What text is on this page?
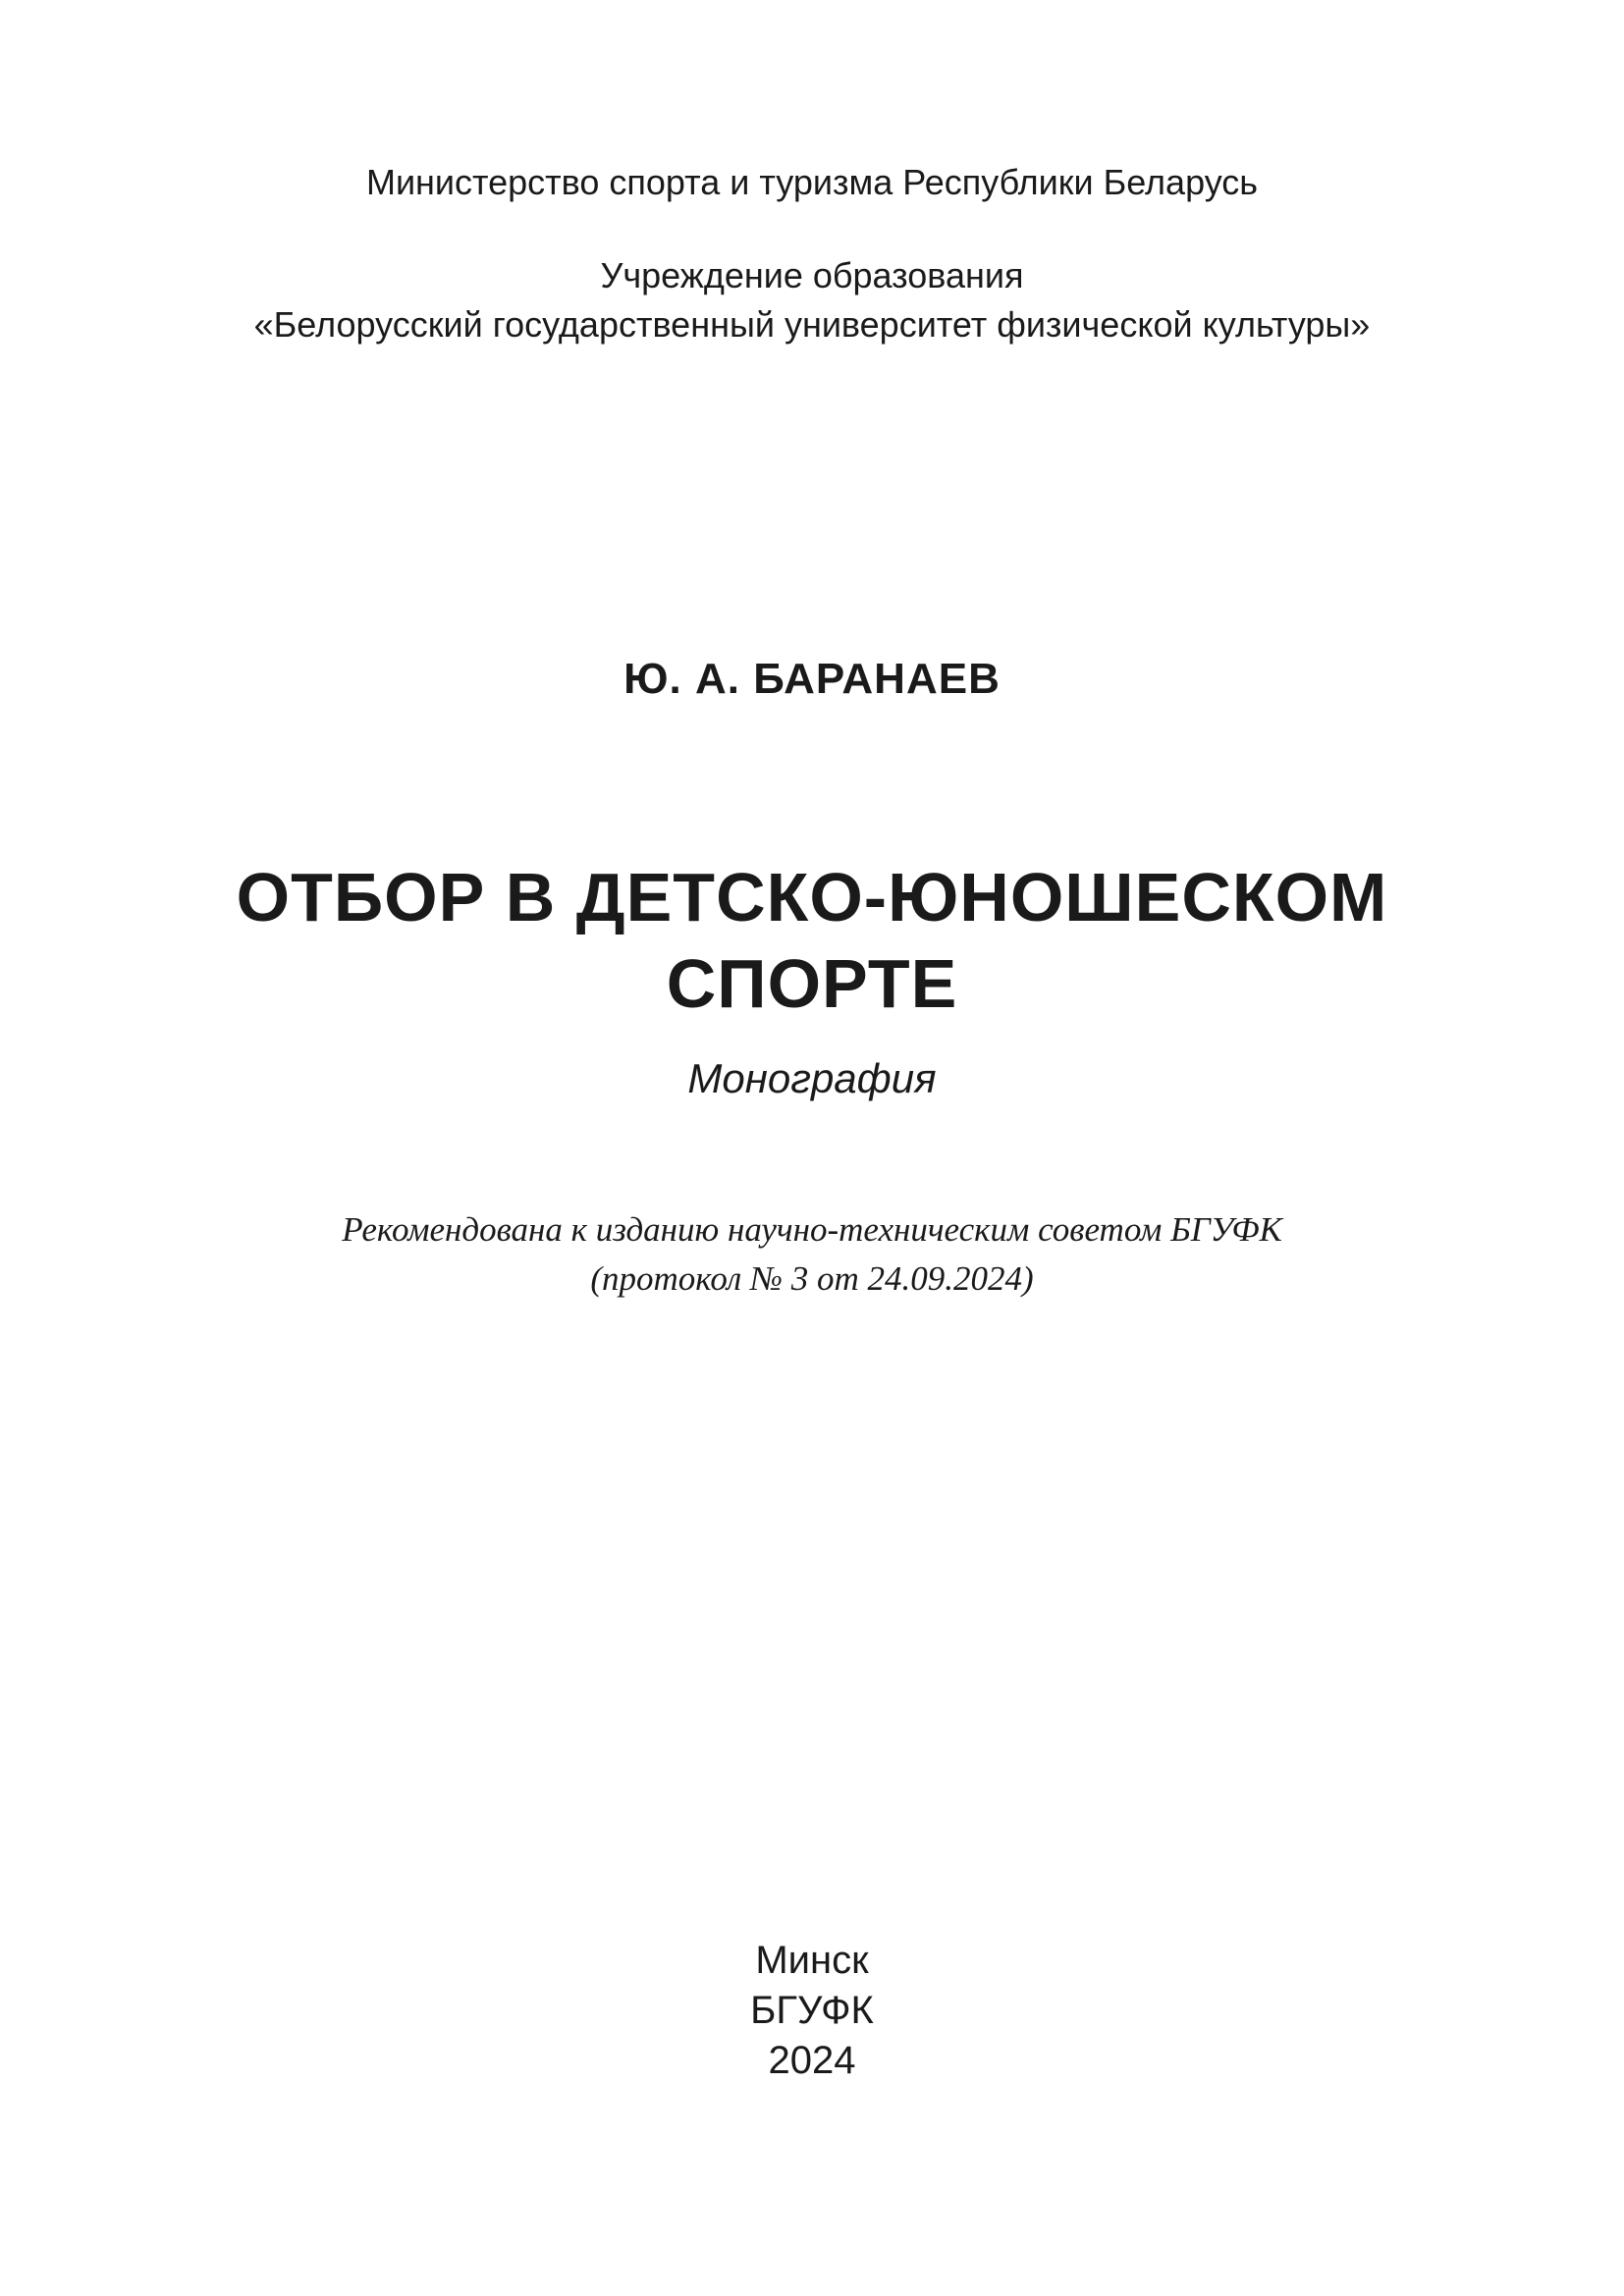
Министерство спорта и туризма Республики Беларусь
Учреждение образования
«Белорусский государственный университет физической культуры»
Ю. А. БАРАНАЕВ
ОТБОР В ДЕТСКО-ЮНОШЕСКОМ
СПОРТЕ
Монография
Рекомендована к изданию научно-техническим советом БГУФК
(протокол № 3 от 24.09.2024)
Минск
БГУФК
2024
